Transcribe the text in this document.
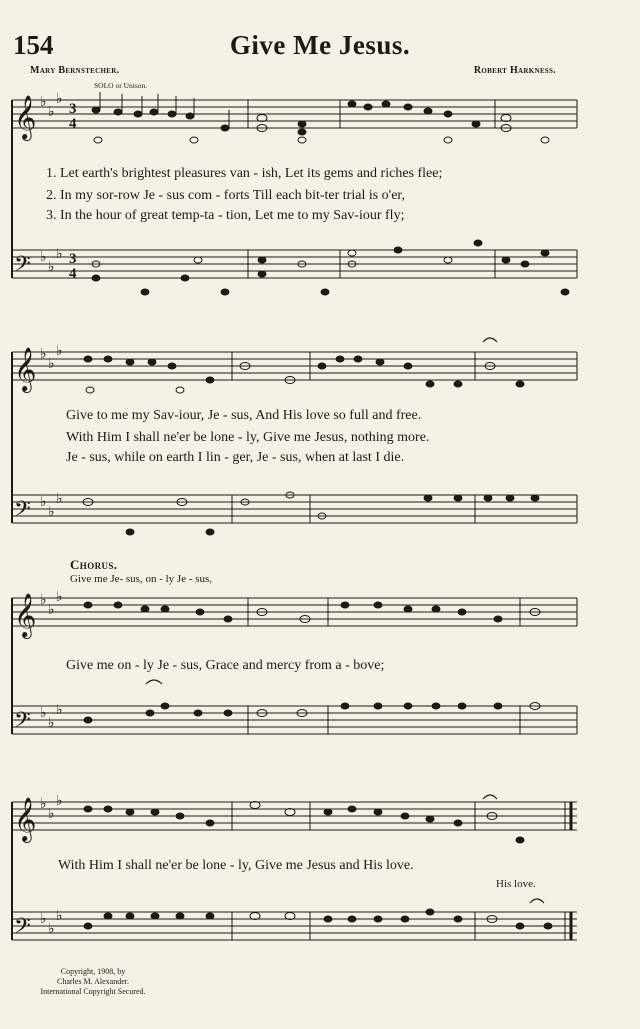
𝄞
𝄢
𝄞
𝄢
𝄞
𝄢
𝄞
𝄢
♭
♭
♭
♭
♭
♭
♭
♭
♭
♭
♭
♭
♭
♭
♭
♭
♭
♭
♭
♭
♭
♭
♭
♭
3
4
3
4
154	Give Me Jesus.
Mary Bernstecher.	Robert Harkness.
SOLO or Unison.
1. Let earth's brightest pleasures van - ish, Let its gems and riches flee;
2. In my sor-row Je - sus com - forts Till each bit-ter trial is o'er,
3. In the hour of great temp-ta - tion, Let me to my Sav-iour fly;
Give to me my Sav-iour, Je - sus, And His love so full and free.
With Him I shall ne'er be lone - ly, Give me Jesus, nothing more.
Je - sus, while on earth I lin - ger, Je - sus, when at last I die.
Chorus.
Give me Je- sus, on - ly Je - sus,
Give me on - ly Je - sus, Grace and mercy from a - bove;
With Him I shall ne'er be lone - ly, Give me Jesus and His love.
His love.
Copyright, 1908, by
Charles M. Alexander.
International Copyright Secured.
